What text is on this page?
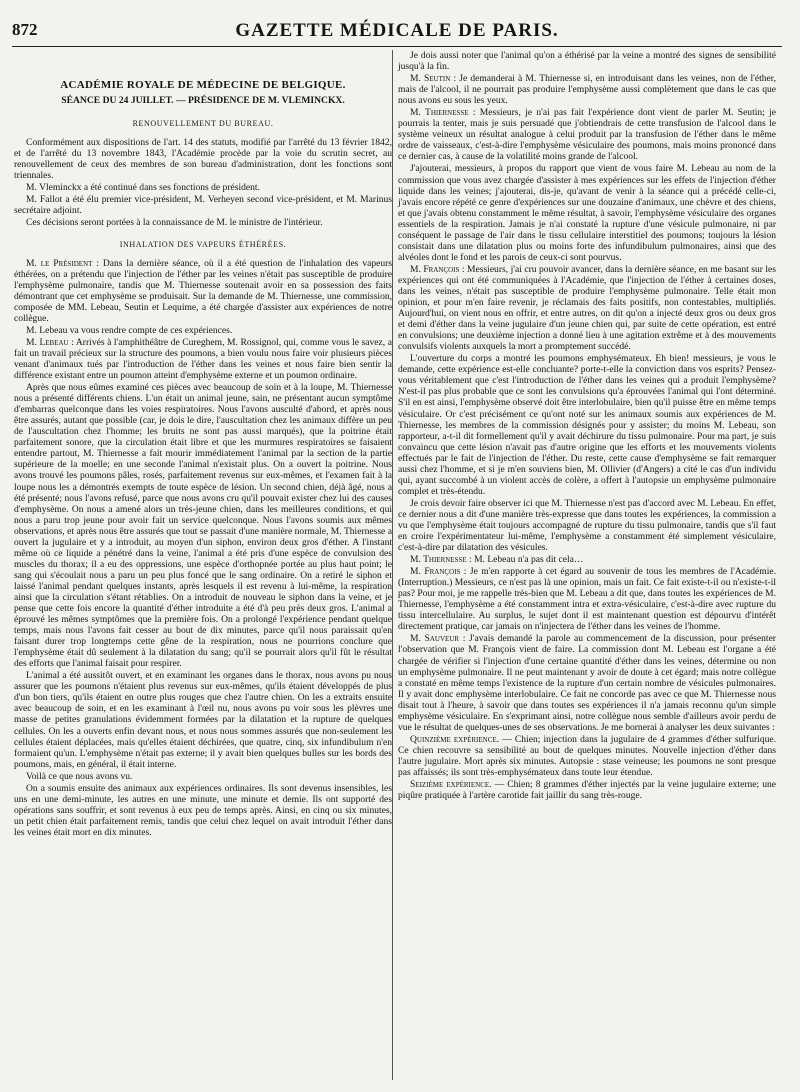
872	GAZETTE MÉDICALE DE PARIS.
ACADÉMIE ROYALE DE MÉDECINE DE BELGIQUE.
SÉANCE DU 24 JUILLET. — PRÉSIDENCE DE M. VLEMINCKX.
RENOUVELLEMENT DU BUREAU.

Conformément aux dispositions de l'art. 14 des statuts, modifié par l'arrêté du 13 février 1842, et de l'arrêté du 13 novembre 1843, l'Académie procède par la voie du scrutin secret, au renouvellement de ceux des membres de son bureau d'administration, dont les fonctions sont triennales.

M. Vleminckx a été continué dans ses fonctions de président.

M. Fallot a été élu premier vice-président, M. Verheyen second vice-président, et M. Marinus secrétaire adjoint.

Ces décisions seront portées à la connaissance de M. le ministre de l'intérieur.

INHALATION DES VAPEURS ÉTHÉRÉES.

M. le Président : Dans la dernière séance, où il a été question de l'inhalation des vapeurs éthérées, on a prétendu que l'injection de l'éther par les veines n'était pas susceptible de produire l'emphysème pulmonaire, tandis que M. Thiernesse soutenait avoir en sa possession des faits démontrant que cet emphysème se produisait. Sur la demande de M. Thiernesse, une commission, composée de MM. Lebeau, Seutin et Lequime, a été chargée d'assister aux expériences de notre collègue.

M. Lebeau va vous rendre compte de ces expériences.

M. Lebeau : Arrivés à l'amphithéâtre de Cureghem, M. Rossignol, qui, comme vous le savez, a fait un travail précieux sur la structure des poumons, a bien voulu nous faire voir plusieurs pièces venant d'animaux tués par l'introduction de l'éther dans les veines et nous faire bien sentir la différence existant entre un poumon atteint d'emphysème externe et un poumon ordinaire.

Après que nous eûmes examiné ces pièces avec beaucoup de soin et à la loupe, M. Thiernesse nous a présenté différents chiens. L'un était un animal jeune, sain, ne présentant aucun symptôme d'embarras quelconque dans les voies respiratoires. Nous l'avons ausculté d'abord, et après nous être assurés, autant que possible (car, je dois le dire, l'auscultation chez les animaux diffère un peu de l'auscultation chez l'homme; les bruits ne sont pas aussi marqués), que la poitrine était parfaitement sonore, que la circulation était libre et que les murmures respiratoires se faisaient entendre partout, M. Thiernesse a fait mourir immédiatement l'animal par la section de la partie supérieure de la moelle; en une seconde l'animal n'existait plus. On a ouvert la poitrine. Nous avons trouvé les poumons pâles, rosés, parfaitement revenus sur eux-mêmes, et l'examen fait à la loupe nous les a démontrés exempts de toute espèce de lésion. Un second chien, déjà âgé, nous a été présenté; nous l'avons refusé, parce que nous avons cru qu'il pouvait exister chez lui des causes d'emphysème. On nous a amené alors un très-jeune chien, dans les meilleures conditions, et qui nous a paru trop jeune pour avoir fait un service quelconque. Nous l'avons soumis aux mêmes observations, et après nous être assurés que tout se passait d'une manière normale, M. Thiernesse a ouvert la jugulaire et y a introduit, au moyen d'un siphon, environ deux gros d'éther. A l'instant même où ce liquide a pénétré dans la veine, l'animal a été pris d'une espèce de convulsion des muscles du thorax; il a eu des oppressions, une espèce d'orthopnée portée au plus haut point; le sang qui s'écoulait nous a paru un peu plus foncé que le sang ordinaire. On a retiré le siphon et laissé l'animal pendant quelques instants, après lesquels il est revenu à lui-même, la respiration ainsi que la circulation s'étant rétablies. On a introduit de nouveau le siphon dans la veine, et je pense que cette fois encore la quantité d'éther introduite a été d'à peu près deux gros. L'animal a éprouvé les mêmes symptômes que la première fois. On a prolongé l'expérience pendant quelque temps, mais nous l'avons fait cesser au bout de dix minutes, parce qu'il nous paraissait qu'en faisant durer trop longtemps cette gêne de la respiration, nous ne pourrions conclure que l'emphysème était dû seulement à la dilatation du sang; qu'il se pourrait alors qu'il fût le résultat des efforts que l'animal faisait pour respirer.

L'animal a été aussitôt ouvert, et en examinant les organes dans le thorax, nous avons pu nous assurer que les poumons n'étaient plus revenus sur eux-mêmes, qu'ils étaient développés de plus d'un bon tiers, qu'ils étaient en outre plus rouges que chez l'autre chien. On les a extraits ensuite avec beaucoup de soin, et en les examinant à l'œil nu, nous avons pu voir sous les plèvres une masse de petites granulations évidemment formées par la dilatation et la rupture de quelques cellules. On les a ouverts enfin devant nous, et nous nous sommes assurés que non-seulement les cellules étaient déplacées, mais qu'elles étaient déchirées, que quatre, cinq, six infundibulum n'en formaient qu'un. L'emphysème n'était pas externe; il y avait bien quelques bulles sur les bords des poumons, mais, en général, il était interne.

Voilà ce que nous avons vu.

On a soumis ensuite des animaux aux expériences ordinaires. Ils sont devenus insensibles, les uns en une demi-minute, les autres en une minute, une minute et demie. Ils ont supporté des opérations sans souffrir, et sont revenus à eux peu de temps après. Ainsi, en cinq ou six minutes, un petit chien était parfaitement remis, tandis que celui chez lequel on avait introduit l'éther dans les veines était mort en dix minutes.

Je dois aussi noter que l'animal qu'on a éthérisé par la veine a montré des signes de sensibilité jusqu'à la fin.

M. Seutin : Je demanderai à M. Thiernesse si, en introduisant dans les veines, non de l'éther, mais de l'alcool, il ne pourrait pas produire l'emphysème aussi complètement que dans le cas que nous avons eu sous les yeux.

M. Thiernesse : Messieurs, je n'ai pas fait l'expérience dont vient de parler M. Seutin; je pourrais la tenter, mais je suis persuadé que j'obtiendrais de cette transfusion de l'alcool dans le système veineux un résultat analogue à celui produit par la transfusion de l'éther dans le même ordre de vaisseaux, c'est-à-dire l'emphysème vésiculaire des poumons, mais moins prononcé dans ce dernier cas, à cause de la volatilité moins grande de l'alcool.

J'ajouterai, messieurs, à propos du rapport que vient de vous faire M. Lebeau au nom de la commission que vous avez chargée d'assister à mes expériences sur les effets de l'injection d'éther liquide dans les veines; j'ajouterai, dis-je, qu'avant de venir à la séance qui a précédé celle-ci, j'avais encore répété ce genre d'expériences sur une douzaine d'animaux, une chèvre et des chiens, et que j'avais obtenu constamment le même résultat, à savoir, l'emphysème vésiculaire des organes essentiels de la respiration. Jamais je n'ai constaté la rupture d'une vésicule pulmonaire, ni par conséquent le passage de l'air dans le tissu cellulaire interstitiel des poumons; toujours la lésion consistait dans une dilatation plus ou moins forte des infundibulum pulmonaires, ainsi que des alvéoles dont le fond et les parois de ceux-ci sont pourvus.

M. François : Messieurs, j'ai cru pouvoir avancer, dans la dernière séance, en me basant sur les expériences qui ont été communiquées à l'Académie, que l'injection de l'éther à certaines doses, dans les veines, n'était pas susceptible de produire l'emphysème pulmonaire. Telle était mon opinion, et pour m'en faire revenir, je réclamais des faits positifs, non contestables, multipliés. Aujourd'hui, on vient nous en offrir, et entre autres, on dit qu'on a injecté deux gros ou deux gros et demi d'éther dans la veine jugulaire d'un jeune chien qui, par suite de cette opération, est entré en convulsions; une deuxième injection a donné lieu à une agitation extrême et à des mouvements convulsifs violents auxquels la mort a promptement succédé.

L'ouverture du corps a montré les poumons emphysémateux. Eh bien! messieurs, je vous le demande, cette expérience est-elle concluante? porte-t-elle la conviction dans vos esprits? Pensez-vous véritablement que c'est l'introduction de l'éther dans les veines qui a produit l'emphysème? N'est-il pas plus probable que ce sont les convulsions qu'a éprouvées l'animal qui l'ont déterminé. S'il en est ainsi, l'emphysème observé doit être interlobulaire, bien qu'il puisse être en même temps vésiculaire. Or c'est précisément ce qu'ont noté sur les animaux soumis aux expériences de M. Thiernesse, les membres de la commission désignés pour y assister; du moins M. Lebeau, son rapporteur, a-t-il dit formellement qu'il y avait déchirure du tissu pulmonaire. Pour ma part, je suis convaincu que cette lésion n'avait pas d'autre origine que les efforts et les mouvements violents effectués par le fait de l'injection de l'éther. Du reste, cette cause d'emphysème se fait remarquer aussi chez l'homme, et si je m'en souviens bien, M. Ollivier (d'Angers) a cité le cas d'un individu qui, ayant succombé à un violent accès de colère, a offert à l'autopsie un emphysème pulmonaire complet et très-étendu.

Je crois devoir faire observer ici que M. Thiernesse n'est pas d'accord avec M. Lebeau. En effet, ce dernier nous a dit d'une manière très-expresse que dans toutes les expériences, la commission a vu que l'emphysème était toujours accompagné de rupture du tissu pulmonaire, tandis que s'il faut en croire l'expérimentateur lui-même, l'emphysème a constamment été simplement vésiculaire, c'est-à-dire par dilatation des vésicules.

M. Thiernesse : M. Lebeau n'a pas dit cela…

M. François : Je m'en rapporte à cet égard au souvenir de tous les membres de l'Académie. (Interruption.) Messieurs, ce n'est pas là une opinion, mais un fait. Ce fait existe-t-il ou n'existe-t-il pas? Pour moi, je me rappelle très-bien que M. Lebeau a dit que, dans toutes les expériences de M. Thiernesse, l'emphysème a été constamment intra et extra-vésiculaire, c'est-à-dire avec rupture du tissu intercellulaire. Au surplus, le sujet dont il est maintenant question est dépourvu d'intérêt directement pratique, car jamais on n'injectera de l'éther dans les veines de l'homme.

M. Sauveur : J'avais demandé la parole au commencement de la discussion, pour présenter l'observation que M. François vient de faire. La commission dont M. Lebeau est l'organe a été chargée de vérifier si l'injection d'une certaine quantité d'éther dans les veines, détermine ou non un emphysème pulmonaire. Il ne peut maintenant y avoir de doute à cet égard; mais notre collègue a constaté en même temps l'existence de la rupture d'un certain nombre de vésicules pulmonaires. Il y avait donc emphysème interlobulaire. Ce fait ne concorde pas avec ce que M. Thiernesse nous disait tout à l'heure, à savoir que dans toutes ses expériences il n'a jamais reconnu qu'un simple emphysème vésiculaire. En s'exprimant ainsi, notre collègue nous semble d'ailleurs avoir perdu de vue le résultat de quelques-unes de ses observations. Je me bornerai à analyser les deux suivantes :

Quinzième expérience. — Chien; injection dans la jugulaire de 4 grammes d'éther sulfurique. Ce chien recouvre sa sensibilité au bout de quelques minutes. Nouvelle injection d'éther dans l'autre jugulaire. Mort après six minutes. Autopsie : stase veineuse; les poumons ne sont presque pas affaissés; ils sont très-emphysémateux dans toute leur étendue.

Seizième expérience. — Chien; 8 grammes d'éther injectés par la veine jugulaire externe; une piqûre pratiquée à l'artère carotide fait jaillir du sang très-rouge.
